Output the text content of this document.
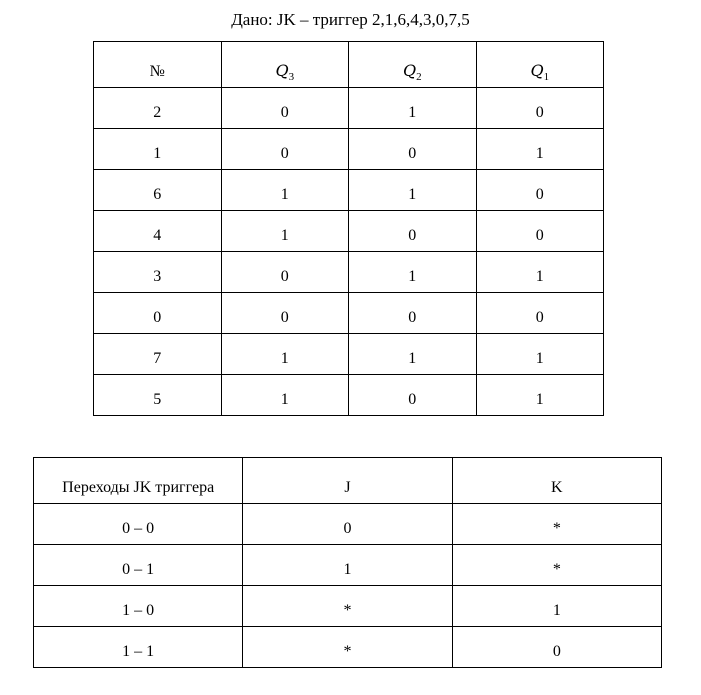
Дано: JK – триггер 2,1,6,4,3,0,7,5
№	$Q_3$	$Q_2$	$Q_1$
2	0	1	0
1	0	0	1
6	1	1	0
4	1	0	0
3	0	1	1
0	0	0	0
7	1	1	1
5	1	0	1
Переходы JK триггера	J	K
0 – 0	0	*
0 – 1	1	*
1 – 0	*	1
1 – 1	*	0
